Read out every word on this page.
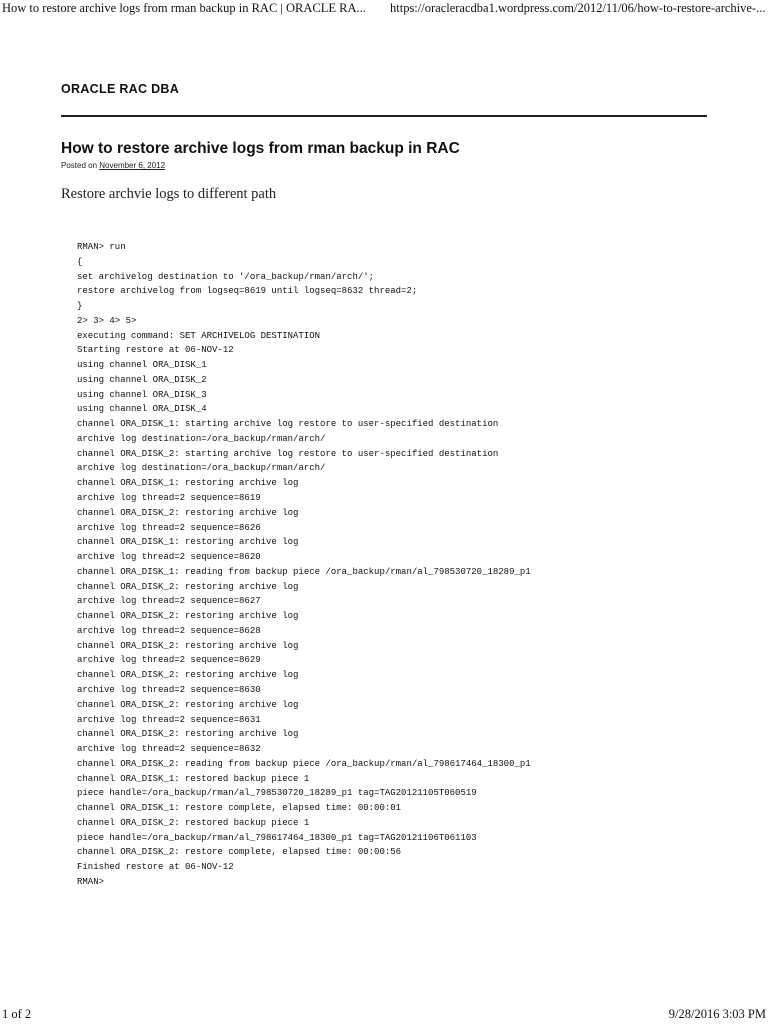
How to restore archive logs from rman backup in RAC | ORACLE RA... https://oracleracdba1.wordpress.com/2012/11/06/how-to-restore-archive-...
ORACLE RAC DBA
How to restore archive logs from rman backup in RAC
Posted on November 6, 2012
Restore archvie logs to different path
RMAN> run
{
set archivelog destination to '/ora_backup/rman/arch/';
restore archivelog from logseq=8619 until logseq=8632 thread=2;
}
2> 3> 4> 5>
executing command: SET ARCHIVELOG DESTINATION
Starting restore at 06-NOV-12
using channel ORA_DISK_1
using channel ORA_DISK_2
using channel ORA_DISK_3
using channel ORA_DISK_4
channel ORA_DISK_1: starting archive log restore to user-specified destination
archive log destination=/ora_backup/rman/arch/
channel ORA_DISK_2: starting archive log restore to user-specified destination
archive log destination=/ora_backup/rman/arch/
channel ORA_DISK_1: restoring archive log
archive log thread=2 sequence=8619
channel ORA_DISK_2: restoring archive log
archive log thread=2 sequence=8626
channel ORA_DISK_1: restoring archive log
archive log thread=2 sequence=8620
channel ORA_DISK_1: reading from backup piece /ora_backup/rman/al_798530720_18289_p1
channel ORA_DISK_2: restoring archive log
archive log thread=2 sequence=8627
channel ORA_DISK_2: restoring archive log
archive log thread=2 sequence=8628
channel ORA_DISK_2: restoring archive log
archive log thread=2 sequence=8629
channel ORA_DISK_2: restoring archive log
archive log thread=2 sequence=8630
channel ORA_DISK_2: restoring archive log
archive log thread=2 sequence=8631
channel ORA_DISK_2: restoring archive log
archive log thread=2 sequence=8632
channel ORA_DISK_2: reading from backup piece /ora_backup/rman/al_798617464_18300_p1
channel ORA_DISK_1: restored backup piece 1
piece handle=/ora_backup/rman/al_798530720_18289_p1 tag=TAG20121105T060519
channel ORA_DISK_1: restore complete, elapsed time: 00:00:01
channel ORA_DISK_2: restored backup piece 1
piece handle=/ora_backup/rman/al_798617464_18300_p1 tag=TAG20121106T061103
channel ORA_DISK_2: restore complete, elapsed time: 00:00:56
Finished restore at 06-NOV-12
RMAN>
1 of 2	9/28/2016 3:03 PM
